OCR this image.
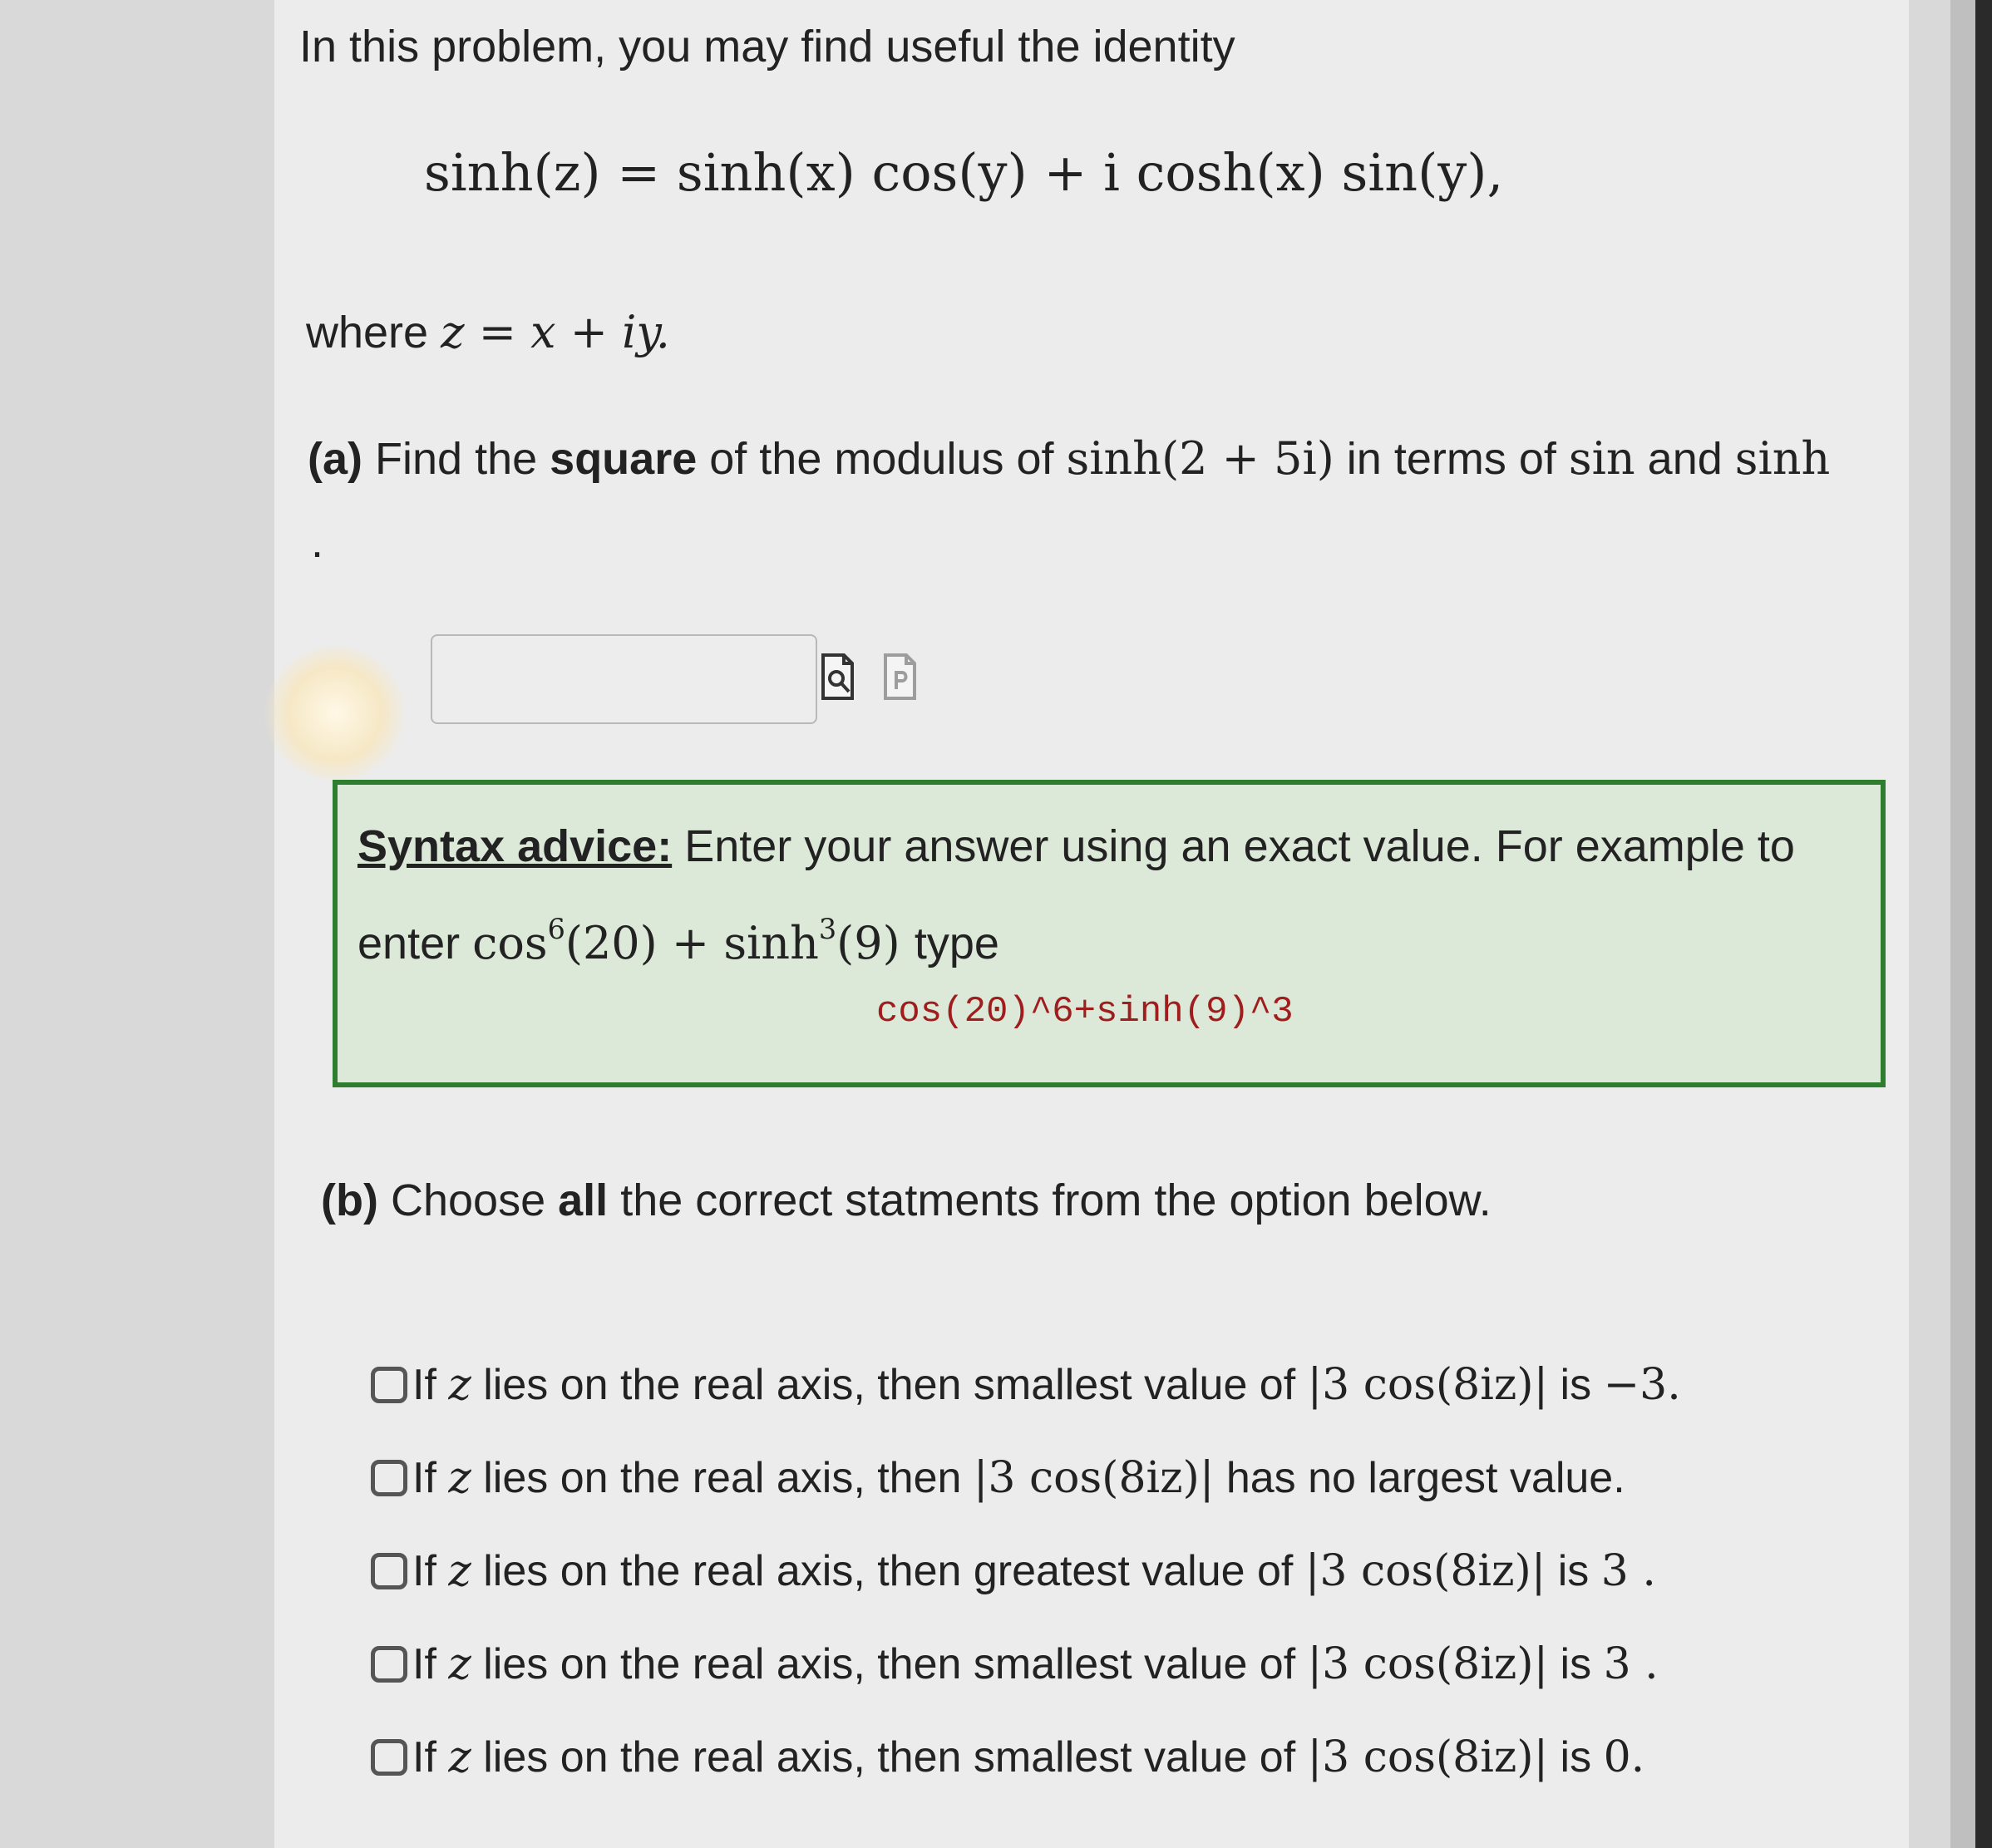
In this problem, you may find useful the identity
sinh(z) = sinh(x) cos(y) + i cosh(x) sin(y),
where z = x + iy.
(a) Find the square of the modulus of sinh(2 + 5i) in terms of sin and sinh
.
Syntax advice: Enter your answer using an exact value. For example to
enter $\cos^6(20) + \sinh^3(9)$ type
cos(20)^6+sinh(9)^3
(b) Choose all the correct statments from the option below.
If z lies on the real axis, then smallest value of |3 cos(8iz)| is −3.
If z lies on the real axis, then |3 cos(8iz)| has no largest value.
If z lies on the real axis, then greatest value of |3 cos(8iz)| is 3 .
If z lies on the real axis, then smallest value of |3 cos(8iz)| is 3 .
If z lies on the real axis, then smallest value of |3 cos(8iz)| is 0.
